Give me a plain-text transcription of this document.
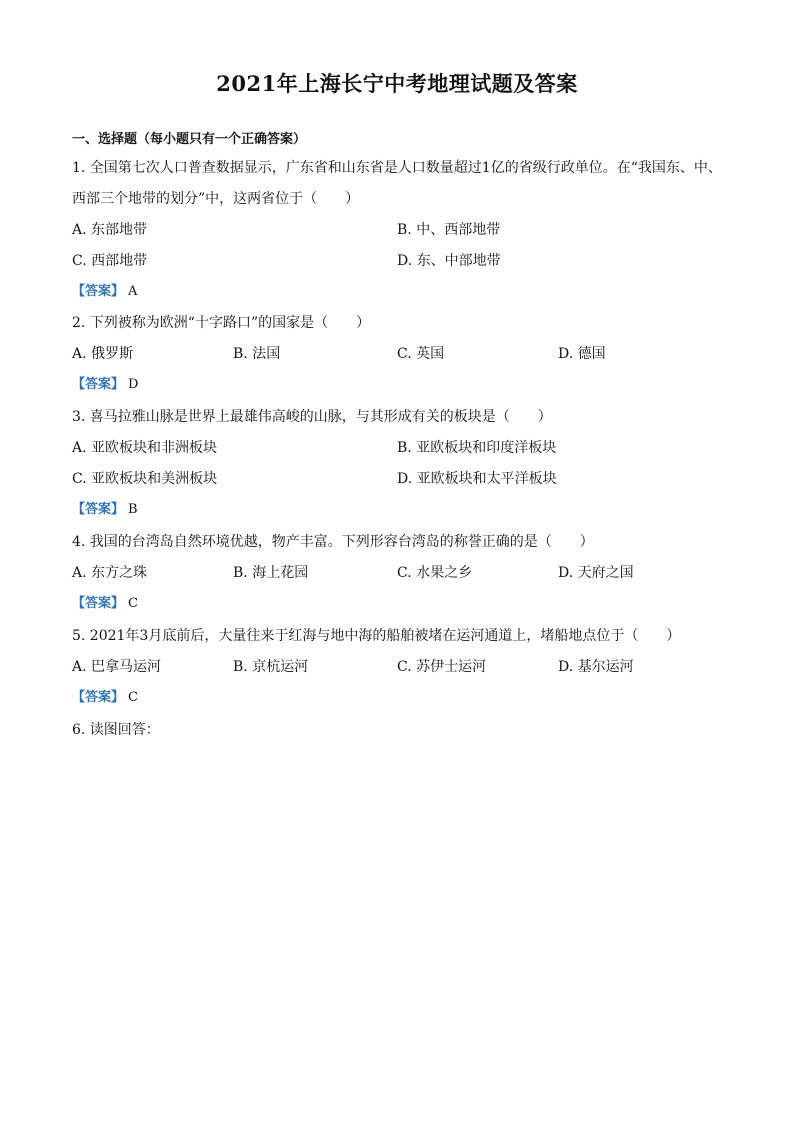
2021年上海长宁中考地理试题及答案
一、选择题（每小题只有一个正确答案）
1. 全国第七次人口普查数据显示，广东省和山东省是人口数量超过1亿的省级行政单位。在“我国东、中、
西部三个地带的划分”中，这两省位于（　　）
A. 东部地带	B. 中、西部地带
C. 西部地带	D. 东、中部地带
【答案】 A
2. 下列被称为欧洲“十字路口”的国家是（　　）
A. 俄罗斯	B. 法国	C. 英国	D. 德国
【答案】 D
3. 喜马拉雅山脉是世界上最雄伟高峻的山脉，与其形成有关的板块是（　　）
A. 亚欧板块和非洲板块	B. 亚欧板块和印度洋板块
C. 亚欧板块和美洲板块	D. 亚欧板块和太平洋板块
【答案】 B
4. 我国的台湾岛自然环境优越，物产丰富。下列形容台湾岛的称誉正确的是（　　）
A. 东方之珠	B. 海上花园	C. 水果之乡	D. 天府之国
【答案】 C
5. 2021年3月底前后，大量往来于红海与地中海的船舶被堵在运河通道上，堵船地点位于（　　）
A. 巴拿马运河	B. 京杭运河	C. 苏伊士运河	D. 基尔运河
【答案】 C
6. 读图回答：
